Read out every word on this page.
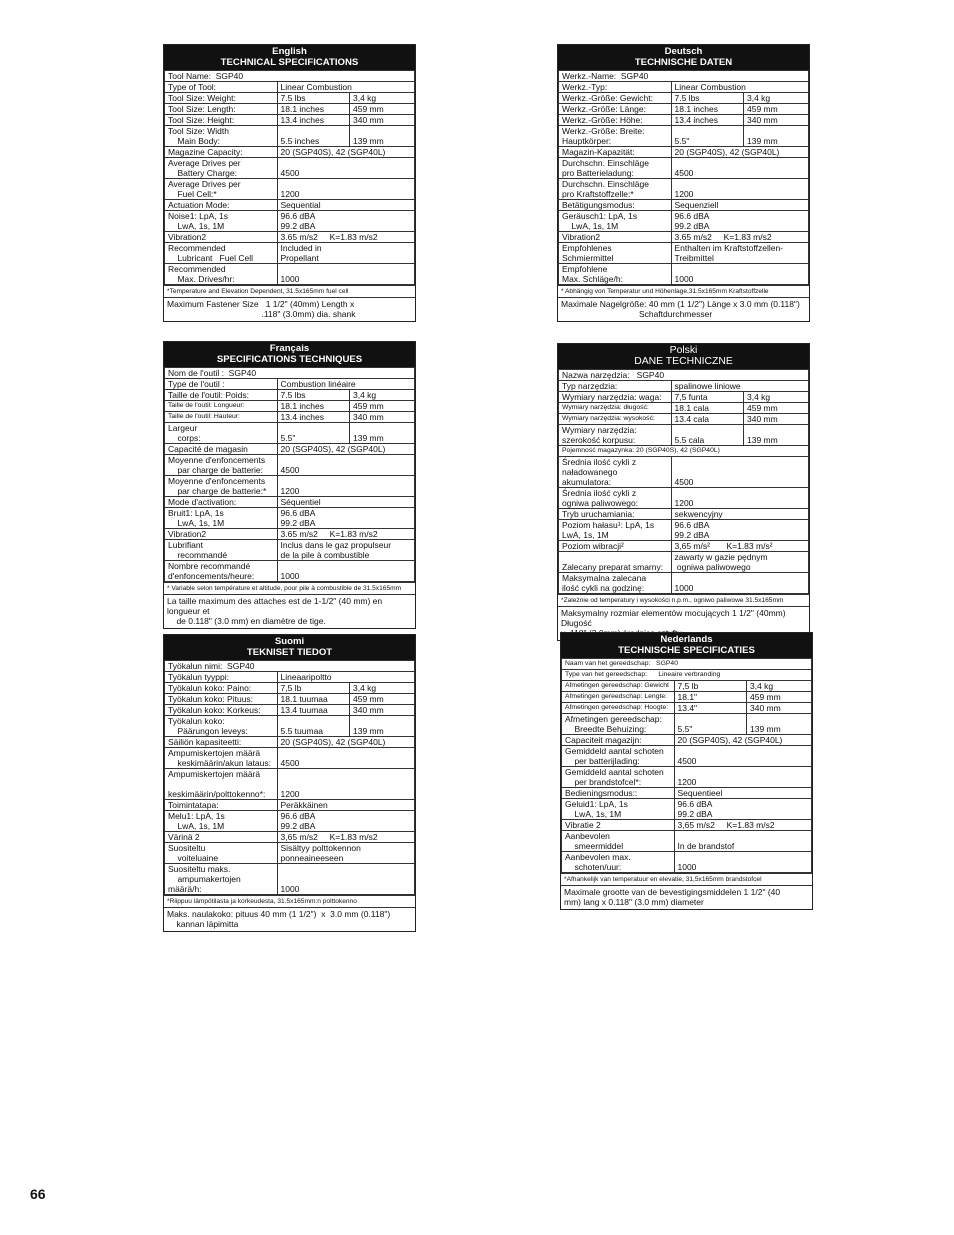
English
TECHNICAL SPECIFICATIONS
Tool Name:  SGP40		
Type of Tool:	Linear Combustion	
Tool Size: Weight:	7.5 lbs	3,4 kg
Tool Size: Length:	18.1 inches	459 mm
Tool Size: Height:	13.4 inches	340 mm
Tool Size: Width
Main Body:	5.5 inches	139 mm
Magazine Capacity:	20 (SGP40S), 42 (SGP40L)	
Average Drives per
Battery Charge:	4500	
Average Drives per
Fuel Cell:*	1200	
Actuation Mode:	Sequential	
Noise1: LpA, 1s
LwA, 1s, 1M	96.6 dBA
99.2 dBA	
Vibration2	3.65 m/s2     K=1.83 m/s2	
Recommended
Lubricant   Fuel Cell	Included in
Propellant	
Recommended
Max. Drives/hr:	1000	
*Temperature and Elevation Dependent, 31.5x165mm fuel cell
Maximum Fastener Size   1 1/2" (40mm) Length x
.118" (3.0mm) dia. shank
Deutsch
TECHNISCHE DATEN
Werkz.-Name:  SGP40		
Werkz.-Typ:	Linear Combustion	
Werkz.-Größe: Gewicht:	7.5 lbs	3,4 kg
Werkz.-Größe: Länge:	18.1 inches	459 mm
Werkz.-Größe: Höhe:	13.4 inches	340 mm
Werkz.-Größe: Breite:
Hauptkörper:	5.5"	139 mm
Magazin-Kapazität:	20 (SGP40S), 42 (SGP40L)	
Durchschn. Einschläge
pro Batterieladung:	4500	
Durchschn. Einschläge
pro Kraftstoffzelle:*	1200	
Betätigungsmodus:	Sequenziell	
Geräusch1: LpA, 1s
LwA, 1s, 1M	96.6 dBA
99.2 dBA	
Vibration2	3.65 m/s2     K=1.83 m/s2	
Empfohlenes
Schmiermittel	Enthalten im Kraftstoffzellen-
Treibmittel	
Empfohlene
Max. Schläge/h:	1000	
* Abhängig von Temperatur und Höhenlage,31.5x165mm Kraftstoffzelle
Maximale Nagelgröße: 40 mm (1 1/2") Länge x 3.0 mm (0.118")
Schaftdurchmesser
Français
SPECIFICATIONS TECHNIQUES
Nom de l'outil :  SGP40		
Type de l'outil :	Combustion linéaire	
Taille de l'outil: Poids:	7.5 lbs	3,4 kg
Taille de l'outil: Longueur:	18.1 inches	459 mm
Taille de l'outil: Hauteur:	13.4 inches	340 mm
Largeur
corps:	5.5"	139 mm
Capacité de magasin	20 (SGP40S), 42 (SGP40L)	
Moyenne d'enfoncements
par charge de batterie:	4500	
Moyenne d'enfoncements
par charge de batterie:*	1200	
Mode d'activation:	Séquentiel	
Bruit1: LpA, 1s
LwA, 1s, 1M	96.6 dBA
99.2 dBA	
Vibration2	3.65 m/s2     K=1.83 m/s2	
Lubrifiant
recommandé	Inclus dans le gaz propulseur
de la pile à combustible	
Nombre recommandé
d'enfoncements/heure:	1000	
* Variable selon température et altitude, pour pile à combustible de 31.5x165mm
La taille maximum des attaches est de 1-1/2" (40 mm) en longueur et
de 0.118" (3.0 mm) en diamètre de tige.
Polski
DANE TECHNICZNE
Nazwa narzędzia:   SGP40		
Typ narzędzia:	spalinowe liniowe	
Wymiary narzędzia: waga:	7,5 funta	3,4 kg
Wymiary narzędzia: długość:	18.1 cala	459 mm
Wymiary narzędzia: wysokość:	13.4 cala	340 mm
Wymiary narzędzia:
szerokość korpusu:	5.5 cala	139 mm
Pojemność magazynka: 20 (SGP40S), 42 (SGP40L)		
Średnia ilość cykli z
naładowanego akumulatora:	4500	
Średnia ilość cykli z
ogniwa paliwowego:	1200	
Tryb uruchamiania:	sekwencyjny	
Poziom hałasu¹: LpA, 1s
LwA, 1s, 1M	96.6 dBA
99.2 dBA	
Poziom wibracji²	3,65 m/s²       K=1.83 m/s²	
Zalecany preparat smarny:	zawarty w gazie pędnym
ogniwa paliwowego	
Maksymalna zalecana
ilość cykli na godzinę:	1000	
*Zależnie od temperatury i wysokości n.p.m., ogniwo paliwowe 31.5x165mm
Maksymalny rozmiar elementów mocujących 1 1/2" (40mm) Długość

Suomi
TEKNISET TIEDOT
Työkalun nimi:  SGP40		
Työkalun tyyppi:	Lineaaripoltto	
Työkalun koko: Paino:	7,5 lb	3,4 kg
Työkalun koko: Pituus:	18.1 tuumaa	459 mm
Työkalun koko: Korkeus:	13.4 tuumaa	340 mm
Työkalun koko:
Päärungon leveys:	5.5 tuumaa	139 mm
Säiliön kapasiteetti:	20 (SGP40S), 42 (SGP40L)	
Ampumiskertojen määrä
keskimäärin/akun lataus:	4500	
Ampumiskertojen määrä
keskimäärin/polttokenno*:	1200	
Toimintatapa:	Peräkkäinen	
Melu1: LpA, 1s
LwA, 1s, 1M	96.6 dBA
99.2 dBA	
Värinä 2	3,65 m/s2     K=1.83 m/s2	
Suositeltu
voiteluaine	Sisältyy polttokennon
ponneaineeseen	
Suositeltu maks.
ampumakertojen määrä/h:	1000	
*Riippuu lämpötilasta ja korkeudesta, 31.5x165mm:n polttokenno
Maks. naulakoko: pituus 40 mm (1 1/2")  x  3.0 mm (0.118")
kannan läpimitta
Nederlands
TECHNISCHE SPECIFICATIES
Naam van het gereedschap:   SGP40		
Type van het gereedschap:      Lineaire verbranding		
Afmetingen gereedschap: Gewicht	7,5 lb	3,4 kg
Afmetingen gereedschap: Lengte:	18.1"	459 mm
Afmetingen gereedschap: Hoogte:	13.4"	340 mm
Afmetingen gereedschap:
Breedte Behuizing:	5.5"	139 mm
Capaciteit magazijn:	20 (SGP40S), 42 (SGP40L)	
Gemiddeld aantal schoten
per batterijlading:	4500	
Gemiddeld aantal schoten
per brandstofcel*:	1200	
Bedieningsmodus::	Sequentieel	
Geluid1: LpA, 1s
LwA, 1s, 1M	96.6 dBA
99.2 dBA	
Vibratie 2	3,65 m/s2     K=1.83 m/s2	
Aanbevolen
smeermiddel	In de brandstof	
Aanbevolen max.
schoten/uur:	1000	
*Afhankelijk van temperatuur en elevatie, 31,5x165mm brandstofcel
Maximale grootte van de bevestigingsmiddelen 1 1/2" (40
mm) lang x 0.118" (3.0 mm) diameter
66
